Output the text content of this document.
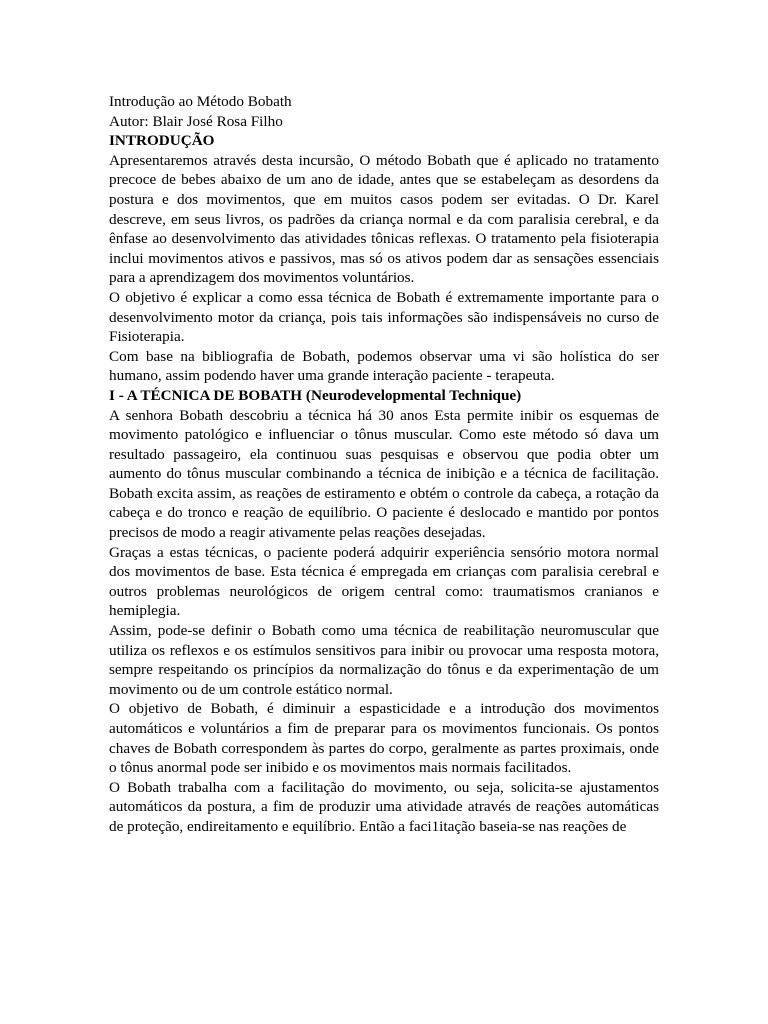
Introdução ao Método Bobath

Autor: Blair José Rosa Filho

INTRODUÇÃO

Apresentaremos através desta incursão, O método Bobath que é aplicado no tratamento precoce de bebes abaixo de um ano de idade, antes que se estabeleçam as desordens da postura e dos movimentos, que em muitos casos podem ser evitadas. O Dr. Karel descreve, em seus livros, os padrões da criança normal e da com paralisia cerebral, e da ênfase ao desenvolvimento das atividades tônicas reflexas. O tratamento pela fisioterapia inclui movimentos ativos e passivos, mas só os ativos podem dar as sensações essenciais para a aprendizagem dos movimentos voluntários.

O objetivo é explicar a como essa técnica de Bobath é extremamente importante para o desenvolvimento motor da criança, pois tais informações são indispensáveis no curso de Fisioterapia.

Com base na bibliografia de Bobath, podemos observar uma vi são holística do ser humano, assim podendo haver uma grande interação paciente - terapeuta.

I - A TÉCNICA DE BOBATH (Neurodevelopmental Technique)

A senhora Bobath descobriu a técnica há 30 anos Esta permite inibir os esquemas de movimento patológico e influenciar o tônus muscular. Como este método só dava um resultado passageiro, ela continuou suas pesquisas e observou que podia obter um aumento do tônus muscular combinando a técnica de inibição e a técnica de facilitação. Bobath excita assim, as reações de estiramento e obtém o controle da cabeça, a rotação da cabeça e do tronco e reação de equilíbrio. O paciente é deslocado e mantido por pontos precisos de modo a reagir ativamente pelas reações desejadas.

Graças a estas técnicas, o paciente poderá adquirir experiência sensório motora normal dos movimentos de base. Esta técnica é empregada em crianças com paralisia cerebral e outros problemas neurológicos de origem central como: traumatismos cranianos e hemiplegia.

Assim, pode-se definir o Bobath como uma técnica de reabilitação neuromuscular que utiliza os reflexos e os estímulos sensitivos para inibir ou provocar uma resposta motora, sempre respeitando os princípios da normalização do tônus e da experimentação de um movimento ou de um controle estático normal.

O objetivo de Bobath, é diminuir a espasticidade e a introdução dos movimentos automáticos e voluntários a fim de preparar para os movimentos funcionais. Os pontos chaves de Bobath correspondem às partes do corpo, geralmente as partes proximais, onde o tônus anormal pode ser inibido e os movimentos mais normais facilitados.

O Bobath trabalha com a facilitação do movimento, ou seja, solicita-se ajustamentos automáticos da postura, a fim de produzir uma atividade através de reações automáticas de proteção, endireitamento e equilíbrio. Então a faci1itação baseia-se nas reações de
